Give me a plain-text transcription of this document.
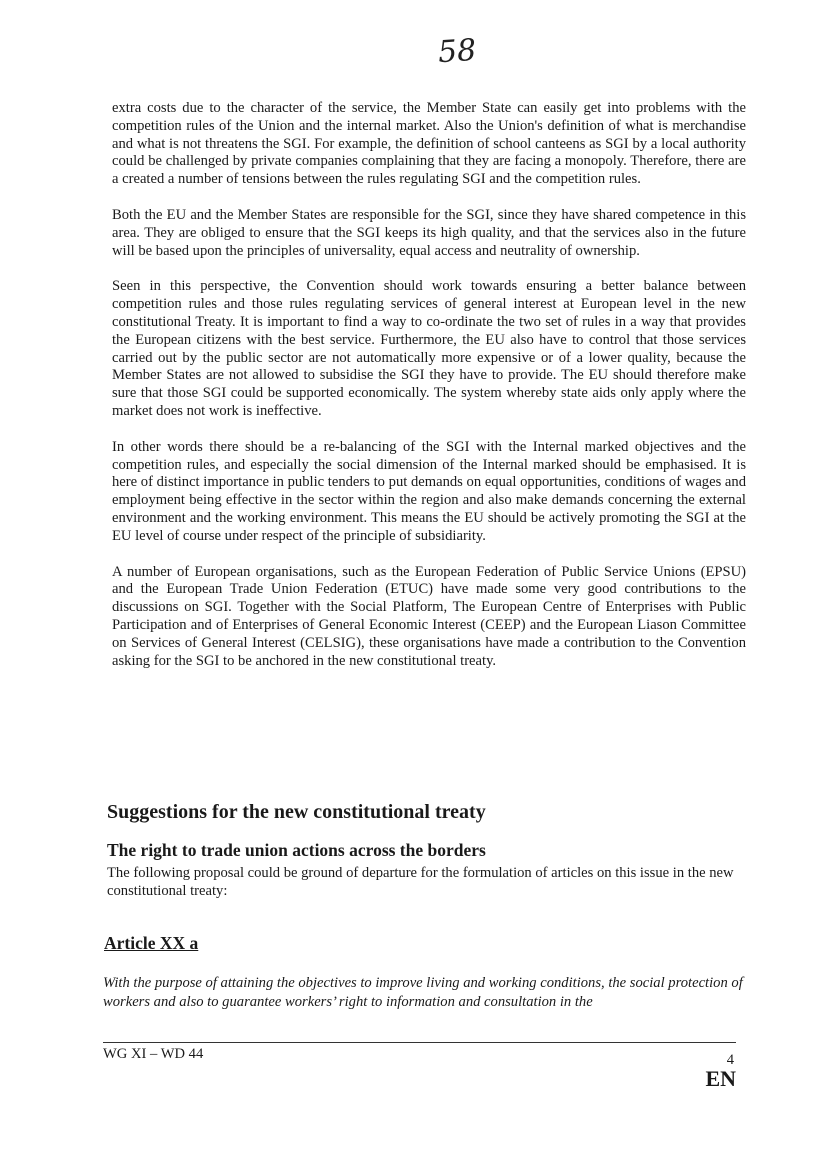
58

extra costs due to the character of the service, the Member State can easily get into problems with the competition rules of the Union and the internal market. Also the Union's definition of what is merchandise and what is not threatens the SGI. For example, the definition of school canteens as SGI by a local authority could be challenged by private companies complaining that they are facing a monopoly. Therefore, there are a created a number of tensions between the rules regulating SGI and the competition rules.

Both the EU and the Member States are responsible for the SGI, since they have shared competence in this area. They are obliged to ensure that the SGI keeps its high quality, and that the services also in the future will be based upon the principles of universality, equal access and neutrality of ownership.

Seen in this perspective, the Convention should work towards ensuring a better balance between competition rules and those rules regulating services of general interest at European level in the new constitutional Treaty. It is important to find a way to co-ordinate the two set of rules in a way that provides the European citizens with the best service. Furthermore, the EU also have to control that those services carried out by the public sector are not automatically more expensive or of a lower quality, because the Member States are not allowed to subsidise the SGI they have to provide. The EU should therefore make sure that those SGI could be supported economically. The system whereby state aids only apply where the market does not work is ineffective.

In other words there should be a re-balancing of the SGI with the Internal marked objectives and the competition rules, and especially the social dimension of the Internal marked should be emphasised. It is here of distinct importance in public tenders to put demands on equal opportunities, conditions of wages and employment being effective in the sector within the region and also make demands concerning the external environment and the working environment. This means the EU should be actively promoting the SGI at the EU level of course under respect of the principle of subsidiarity.

A number of European organisations, such as the European Federation of Public Service Unions (EPSU) and the European Trade Union Federation (ETUC) have made some very good contributions to the discussions on SGI. Together with the Social Platform, The European Centre of Enterprises with Public Participation and of Enterprises of General Economic Interest (CEEP) and the European Liason Committee on Services of General Interest (CELSIG), these organisations have made a contribution to the Convention asking for the SGI to be anchored in the new constitutional treaty.

Suggestions for the new constitutional treaty
The right to trade union actions across the borders

The following proposal could be ground of departure for the formulation of articles on this issue in the new constitutional treaty:

Article XX a

With the purpose of attaining the objectives to improve living and working conditions, the social protection of workers and also to guarantee workers’ right to information and consultation in the

WG XI – WD 44	4
EN
